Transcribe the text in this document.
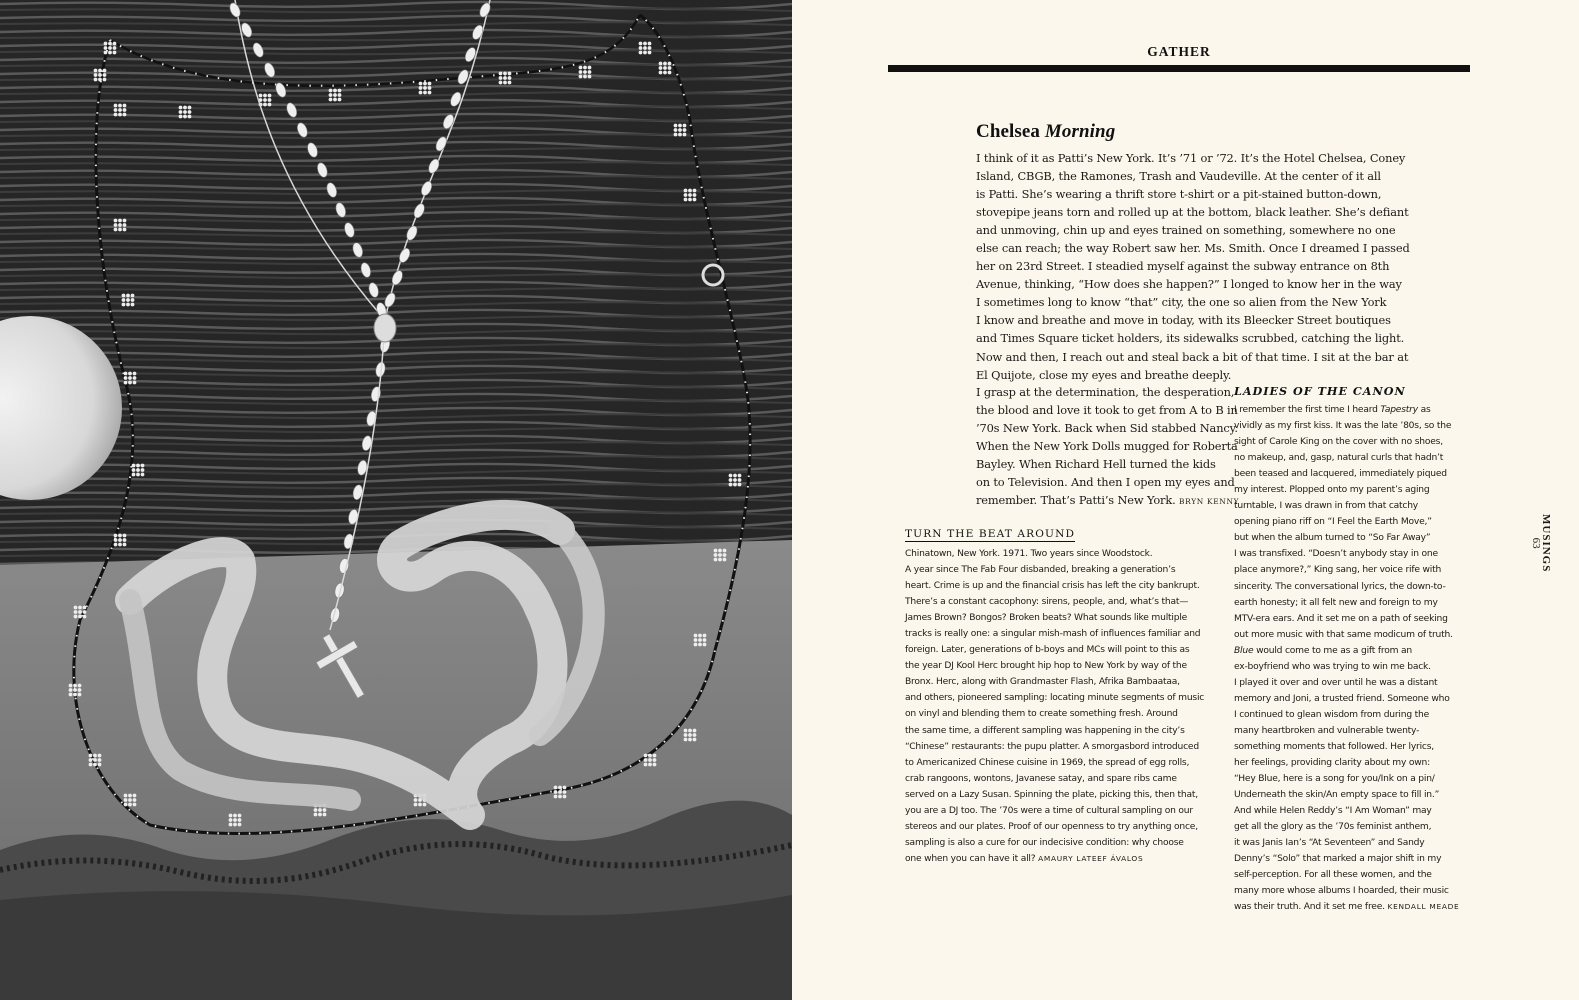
GATHER
Chelsea Morning
I think of it as Patti’s New York. It’s ’71 or ’72. It’s the Hotel Chelsea, Coney
Island, CBGB, the Ramones, Trash and Vaudeville. At the center of it all
is Patti. She’s wearing a thrift store t-shirt or a pit-stained button-down,
stovepipe jeans torn and rolled up at the bottom, black leather. She’s defiant
and unmoving, chin up and eyes trained on something, somewhere no one
else can reach; the way Robert saw her. Ms. Smith. Once I dreamed I passed
her on 23rd Street. I steadied myself against the subway entrance on 8th
Avenue, thinking, “How does she happen?” I longed to know her in the way
I sometimes long to know “that” city, the one so alien from the New York
I know and breathe and move in today, with its Bleecker Street boutiques
and Times Square ticket holders, its sidewalks scrubbed, catching the light.
Now and then, I reach out and steal back a bit of that time. I sit at the bar at
El Quijote, close my eyes and breathe deeply.
I grasp at the determination, the desperation,
the blood and love it took to get from A to B in
’70s New York. Back when Sid stabbed Nancy.
When the New York Dolls mugged for Roberta
Bayley. When Richard Hell turned the kids
on to Television. And then I open my eyes and
remember. That’s Patti’s New York. BRYN KENNY
TURN THE BEAT AROUND
Chinatown, New York. 1971. Two years since Woodstock.
A year since The Fab Four disbanded, breaking a generation’s
heart. Crime is up and the financial crisis has left the city bankrupt.
There’s a constant cacophony: sirens, people, and, what’s that—
James Brown? Bongos? Broken beats? What sounds like multiple
tracks is really one: a singular mish-mash of influences familiar and
foreign. Later, generations of b-boys and MCs will point to this as
the year DJ Kool Herc brought hip hop to New York by way of the
Bronx. Herc, along with Grandmaster Flash, Afrika Bambaataa,
and others, pioneered sampling: locating minute segments of music
on vinyl and blending them to create something fresh. Around
the same time, a different sampling was happening in the city’s
“Chinese” restaurants: the pupu platter. A smorgasbord introduced
to Americanized Chinese cuisine in 1969, the spread of egg rolls,
crab rangoons, wontons, Javanese satay, and spare ribs came
served on a Lazy Susan. Spinning the plate, picking this, then that,
you are a DJ too. The ’70s were a time of cultural sampling on our
stereos and our plates. Proof of our openness to try anything once,
sampling is also a cure for our indecisive condition: why choose
one when you can have it all? AMAURY LATEEF ÁVALOS
LADIES OF THE CANON
I remember the first time I heard Tapestry as
vividly as my first kiss. It was the late ’80s, so the
sight of Carole King on the cover with no shoes,
no makeup, and, gasp, natural curls that hadn’t
been teased and lacquered, immediately piqued
my interest. Plopped onto my parent’s aging
turntable, I was drawn in from that catchy
opening piano riff on “I Feel the Earth Move,”
but when the album turned to “So Far Away”
I was transfixed. “Doesn’t anybody stay in one
place anymore?,” King sang, her voice rife with
sincerity. The conversational lyrics, the down-to-
earth honesty; it all felt new and foreign to my
MTV-era ears. And it set me on a path of seeking
out more music with that same modicum of truth.
Blue would come to me as a gift from an
ex-boyfriend who was trying to win me back.
I played it over and over until he was a distant
memory and Joni, a trusted friend. Someone who
I continued to glean wisdom from during the
many heartbroken and vulnerable twenty-
something moments that followed. Her lyrics,
her feelings, providing clarity about my own:
“Hey Blue, here is a song for you/Ink on a pin/
Underneath the skin/An empty space to fill in.”
And while Helen Reddy’s “I Am Woman” may
get all the glory as the ’70s feminist anthem,
it was Janis Ian’s “At Seventeen” and Sandy
Denny’s “Solo” that marked a major shift in my
self-perception. For all these women, and the
many more whose albums I hoarded, their music
was their truth. And it set me free. KENDALL MEADE
MUSINGS
63
